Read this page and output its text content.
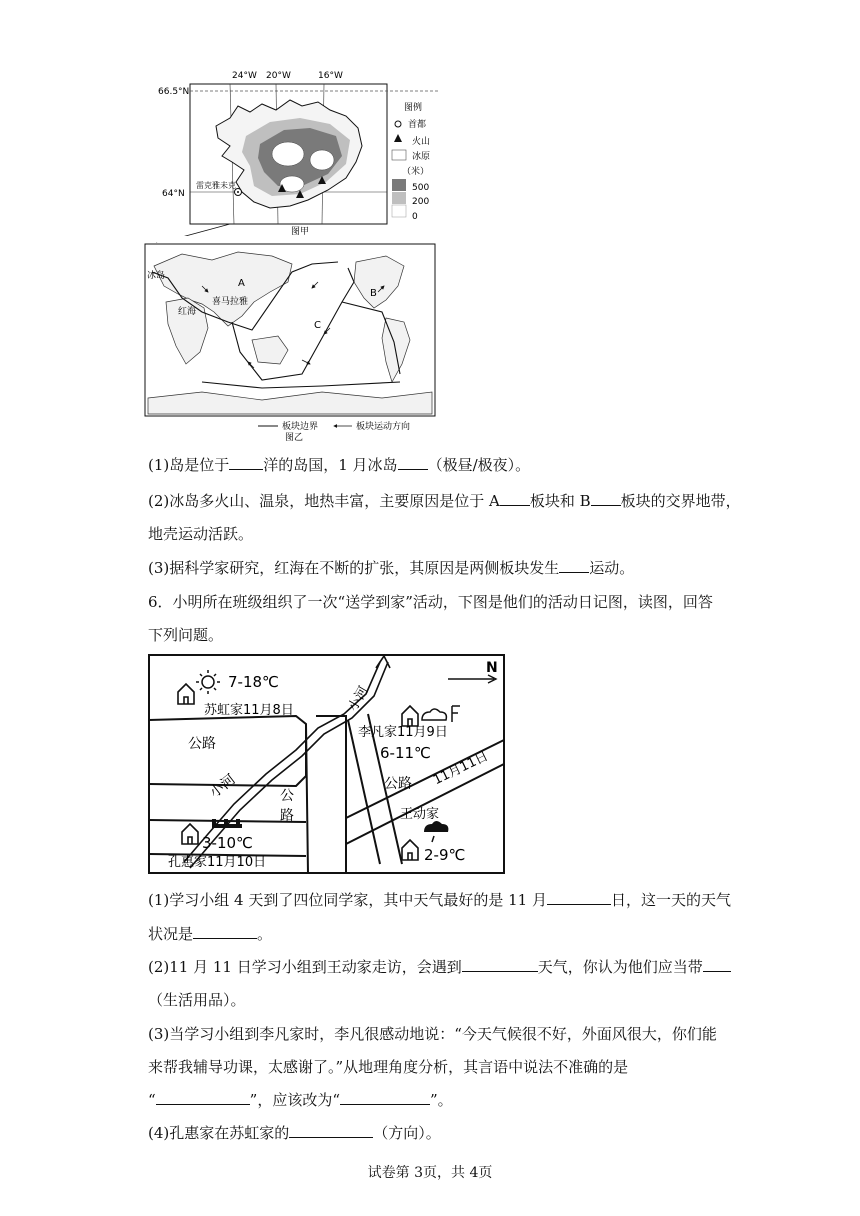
24°W 20°W	16°W
66.5°N
64°N
雷克雅未克
图例
首都
火山
冰原
（米）
500
200
0
图甲
冰岛
喜马拉雅
红海
A
B
C
板块边界	板块运动方向
图乙
(1)岛是位于 洋的岛国，1 月冰岛 （极昼/极夜）。
(2)冰岛多火山、温泉，地热丰富，主要原因是位于 A 板块和 B 板块的交界地带，
地壳运动活跃。
(3)据科学家研究，红海在不断的扩张，其原因是两侧板块发生 运动。
6．小明所在班级组织了一次“送学到家”活动，下图是他们的活动日记图，读图，回答
下列问题。
N
7-18℃
苏虹家11月8日
李凡家11月9日
6-11℃
公路
小河
小河	公
路
公路 11月11日
王动家
3-10℃
孔惠家11月10日	2-9℃
(1)学习小组 4 天到了四位同学家，其中天气最好的是 11 月	日，这一天的天气
状况是	。
(2)11 月 11 日学习小组到王动家走访，会遇到	天气，你认为他们应当带
（生活用品）。
(3)当学习小组到李凡家时，李凡很感动地说：“今天气候很不好，外面风很大，你们能
来帮我辅导功课，太感谢了。”从地理角度分析，其言语中说法不准确的是
“	”，应该改为“	”。
(4)孔惠家在苏虹家的	（方向）。
试卷第 3页，共 4页
